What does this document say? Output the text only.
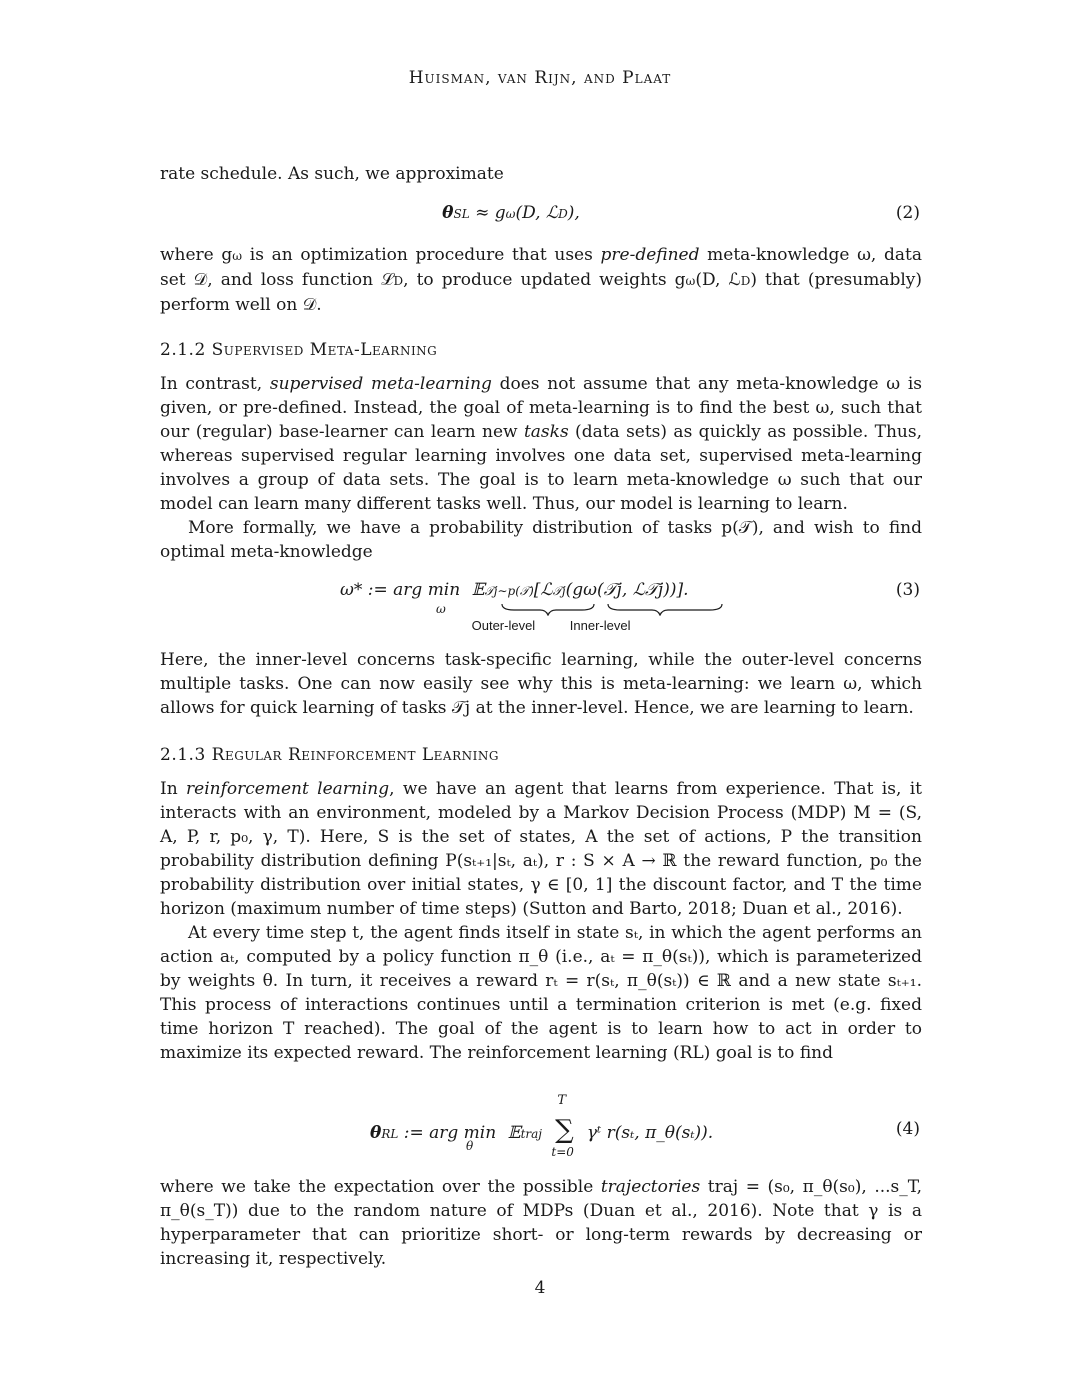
Huisman, van Rijn, and Plaat

rate schedule. As such, we approximate

θSL ≈ gω(D, ℒD),	(2)

where gω is an optimization procedure that uses pre-defined meta-knowledge ω, data set 𝒟, and loss function ℒD, to produce updated weights gω(D, ℒD) that (presumably) perform well on 𝒟.

2.1.2 Supervised Meta-Learning

In contrast, supervised meta-learning does not assume that any meta-knowledge ω is given, or pre-defined. Instead, the goal of meta-learning is to find the best ω, such that our (regular) base-learner can learn new tasks (data sets) as quickly as possible. Thus, whereas supervised regular learning involves one data set, supervised meta-learning involves a group of data sets. The goal is to learn meta-knowledge ω such that our model can learn many different tasks well. Thus, our model is learning to learn.

More formally, we have a probability distribution of tasks p(𝒯), and wish to find optimal meta-knowledge

ω* := arg min 𝔼𝒯j∼p(𝒯)
Outer-level
[ℒ𝒯j(gω(𝒯j, ℒ𝒯j))].
Inner-level
ω
(3)

Here, the inner-level concerns task-specific learning, while the outer-level concerns multiple tasks. One can now easily see why this is meta-learning: we learn ω, which allows for quick learning of tasks 𝒯j at the inner-level. Hence, we are learning to learn.

2.1.3 Regular Reinforcement Learning

In reinforcement learning, we have an agent that learns from experience. That is, it interacts with an environment, modeled by a Markov Decision Process (MDP) M = (S, A, P, r, p₀, γ, T). Here, S is the set of states, A the set of actions, P the transition probability distribution defining P(sₜ₊₁|sₜ, aₜ), r : S × A → ℝ the reward function, p₀ the probability distribution over initial states, γ ∈ [0, 1] the discount factor, and T the time horizon (maximum number of time steps) (Sutton and Barto, 2018; Duan et al., 2016).

At every time step t, the agent finds itself in state sₜ, in which the agent performs an action aₜ, computed by a policy function π_θ (i.e., aₜ = π_θ(sₜ)), which is parameterized by weights θ. In turn, it receives a reward rₜ = r(sₜ, π_θ(sₜ)) ∈ ℝ and a new state sₜ₊₁. This process of interactions continues until a termination criterion is met (e.g. fixed time horizon T reached). The goal of the agent is to learn how to act in order to maximize its expected reward. The reinforcement learning (RL) goal is to find

θRL := arg min 𝔼traj
T
∑
t=0
γᵗ r(sₜ, π_θ(sₜ)).
θ
(4)

where we take the expectation over the possible trajectories traj = (s₀, π_θ(s₀), ...s_T, π_θ(s_T)) due to the random nature of MDPs (Duan et al., 2016). Note that γ is a hyperparameter that can prioritize short- or long-term rewards by decreasing or increasing it, respectively.

4
